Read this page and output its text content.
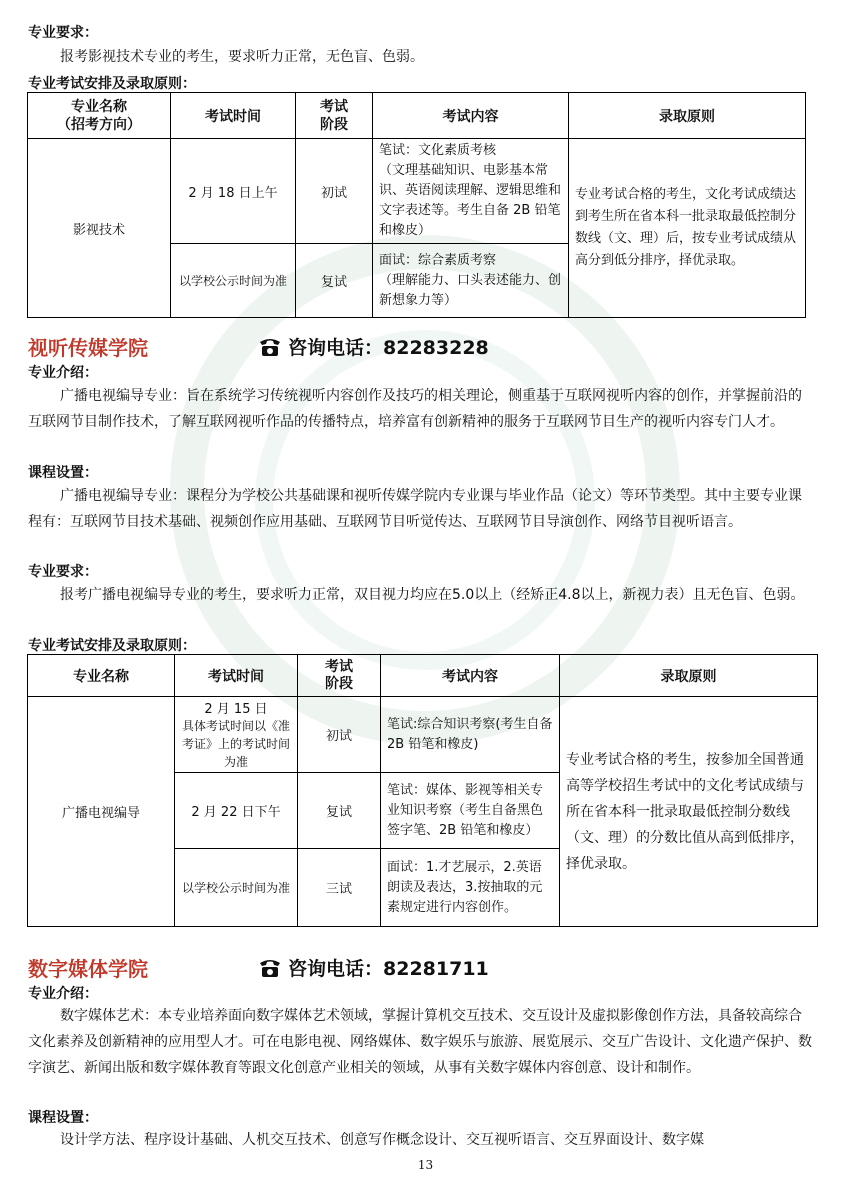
专业要求：
报考影视技术专业的考生，要求听力正常，无色盲、色弱。
专业考试安排及录取原则：
专业名称
（招考方向）	考试时间	考试
阶段	考试内容	录取原则
影视技术	2 月 18 日上午	初试	笔试：文化素质考核
（文理基础知识、电影基本常识、英语阅读理解、逻辑思维和文字表述等。考生自备 2B 铅笔和橡皮）	专业考试合格的考生，文化考试成绩达到考生所在省本科一批录取最低控制分数线（文、理）后，按专业考试成绩从高分到低分排序，择优录取。
	以学校公示时间为准	复试	面试：综合素质考察
（理解能力、口头表述能力、创新想象力等）	
视听传媒学院	咨询电话：82283228
专业介绍：
广播电视编导专业：旨在系统学习传统视听内容创作及技巧的相关理论，侧重基于互联网视听内容的创作，并掌握前沿的互联网节目制作技术，了解互联网视听作品的传播特点，培养富有创新精神的服务于互联网节目生产的视听内容专门人才。
课程设置：
广播电视编导专业：课程分为学校公共基础课和视听传媒学院内专业课与毕业作品（论文）等环节类型。其中主要专业课程有：互联网节目技术基础、视频创作应用基础、互联网节目听觉传达、互联网节目导演创作、网络节目视听语言。
专业要求：
报考广播电视编导专业的考生，要求听力正常，双目视力均应在5.0以上（经矫正4.8以上，新视力表）且无色盲、色弱。
专业考试安排及录取原则：
专业名称	考试时间	考试
阶段	考试内容	录取原则
广播电视编导	2 月 15 日
具体考试时间以《准考证》上的考试时间为准	初试	笔试:综合知识考察(考生自备 2B 铅笔和橡皮)	专业考试合格的考生，按参加全国普通高等学校招生考试中的文化考试成绩与所在省本科一批录取最低控制分数线（文、理）的分数比值从高到低排序，择优录取。
	2 月 22 日下午	复试	笔试：媒体、影视等相关专业知识考察（考生自备黑色签字笔、2B 铅笔和橡皮）	
	以学校公示时间为准	三试	面试：1.才艺展示，2.英语朗读及表达，3.按抽取的元素规定进行内容创作。	
数字媒体学院	咨询电话：82281711
专业介绍：
数字媒体艺术：本专业培养面向数字媒体艺术领域，掌握计算机交互技术、交互设计及虚拟影像创作方法，具备较高综合文化素养及创新精神的应用型人才。可在电影电视、网络媒体、数字娱乐与旅游、展览展示、交互广告设计、文化遗产保护、数字演艺、新闻出版和数字媒体教育等跟文化创意产业相关的领域，从事有关数字媒体内容创意、设计和制作。
课程设置：
设计学方法、程序设计基础、人机交互技术、创意写作概念设计、交互视听语言、交互界面设计、数字媒
13
